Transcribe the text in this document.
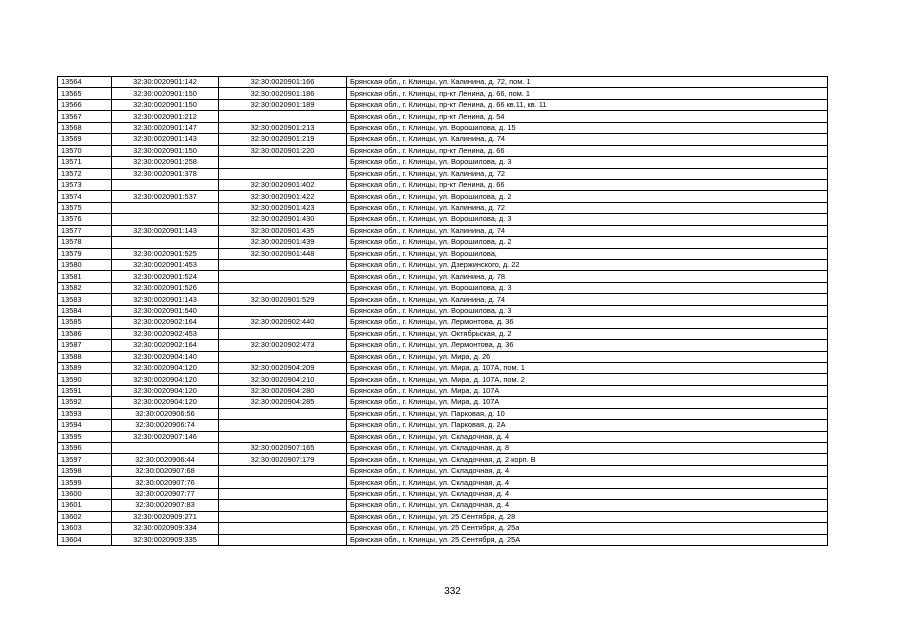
13564	32:30:0020901:142	32:30:0020901:166	Брянская обл., г. Клинцы, ул. Калинина, д. 72, пом. 1
13565	32:30:0020901:150	32:30:0020901:186	Брянская обл., г. Клинцы, пр-кт Ленина, д. 66, пом. 1
13566	32:30:0020901:150	32:30:0020901:189	Брянская обл., г. Клинцы, пр-кт Ленина, д. 66 кв.11, кв. 11
13567	32:30:0020901:212		Брянская обл., г. Клинцы, пр-кт Ленина, д. 54
13568	32:30:0020901:147	32:30:0020901:213	Брянская обл., г. Клинцы, ул. Ворошилова, д. 15
13569	32:30:0020901:143	32:30:0020901:219	Брянская обл., г. Клинцы, ул. Калинина, д. 74
13570	32:30:0020901:150	32:30:0020901:220	Брянская обл., г. Клинцы, пр-кт Ленина, д. 66
13571	32:30:0020901:258		Брянская обл., г. Клинцы, ул. Ворошилова, д. 3
13572	32:30:0020901:378		Брянская обл., г. Клинцы, ул. Калинина, д. 72
13573		32:30:0020901:402	Брянская обл., г. Клинцы, пр-кт Ленина, д. 66
13574	32:30:0020901:537	32:30:0020901:422	Брянская обл., г. Клинцы, ул. Ворошилова, д. 2
13575		32:30:0020901:423	Брянская обл., г. Клинцы, ул. Калинина, д. 72
13576		32:30:0020901:430	Брянская обл., г. Клинцы, ул. Ворошилова, д. 3
13577	32:30:0020901:143	32:30:0020901:435	Брянская обл., г. Клинцы, ул. Калинина, д. 74
13578		32:30:0020901:439	Брянская обл., г. Клинцы, ул. Ворошилова, д. 2
13579	32:30:0020901:525	32:30:0020901:448	Брянская обл., г. Клинцы, ул. Ворошилова,
13580	32:30:0020901:453		Брянская обл., г. Клинцы, ул. Дзержинского, д. 22
13581	32:30:0020901:524		Брянская обл., г. Клинцы, ул. Калинина, д. 78
13582	32:30:0020901:526		Брянская обл., г. Клинцы, ул. Ворошилова, д. 3
13583	32:30:0020901:143	32:30:0020901:529	Брянская обл., г. Клинцы, ул. Калинина, д. 74
13584	32:30:0020901:540		Брянская обл., г. Клинцы, ул. Ворошилова, д. 3
13585	32:30:0020902:164	32:30:0020902:440	Брянская обл., г. Клинцы, ул. Лермонтова, д. 36
13586	32:30:0020902:453		Брянская обл., г. Клинцы, ул. Октябрьская, д. 2
13587	32:30:0020902:164	32:30:0020902:473	Брянская обл., г. Клинцы, ул. Лермонтова, д. 36
13588	32:30:0020904:140		Брянская обл., г. Клинцы, ул. Мира, д. 26
13589	32:30:0020904:120	32:30:0020904:209	Брянская обл., г. Клинцы, ул. Мира, д. 107А, пом. 1
13590	32:30:0020904:120	32:30:0020904:210	Брянская обл., г. Клинцы, ул. Мира, д. 107А, пом. 2
13591	32:30:0020904:120	32:30:0020904:280	Брянская обл., г. Клинцы, ул. Мира, д. 107А
13592	32:30:0020904:120	32:30:0020904:285	Брянская обл., г. Клинцы, ул. Мира, д. 107А
13593	32:30:0020906:56		Брянская обл., г. Клинцы, ул. Парковая, д. 10
13594	32:30:0020906:74		Брянская обл., г. Клинцы, ул. Парковая, д. 2А
13595	32:30:0020907:146		Брянская обл., г. Клинцы, ул. Складочная, д. 4
13596		32:30:0020907:165	Брянская обл., г. Клинцы, ул. Складочная, д. 8
13597	32:30:0020906:44	32:30:0020907:179	Брянская обл., г. Клинцы, ул. Складочная, д. 2 корп. В
13598	32:30:0020907:68		Брянская обл., г. Клинцы, ул. Складочная, д. 4
13599	32:30:0020907:76		Брянская обл., г. Клинцы, ул. Складочная, д. 4
13600	32:30:0020907:77		Брянская обл., г. Клинцы, ул. Складочная, д. 4
13601	32:30:0020907:83		Брянская обл., г. Клинцы, ул. Складочная, д. 4
13602	32:30:0020909:271		Брянская обл., г. Клинцы, ул. 25 Сентября, д. 28
13603	32:30:0020909:334		Брянская обл., г. Клинцы, ул. 25 Сентября, д. 25а
13604	32:30:0020909:335		Брянская обл., г. Клинцы, ул. 25 Сентября, д. 25А
332
